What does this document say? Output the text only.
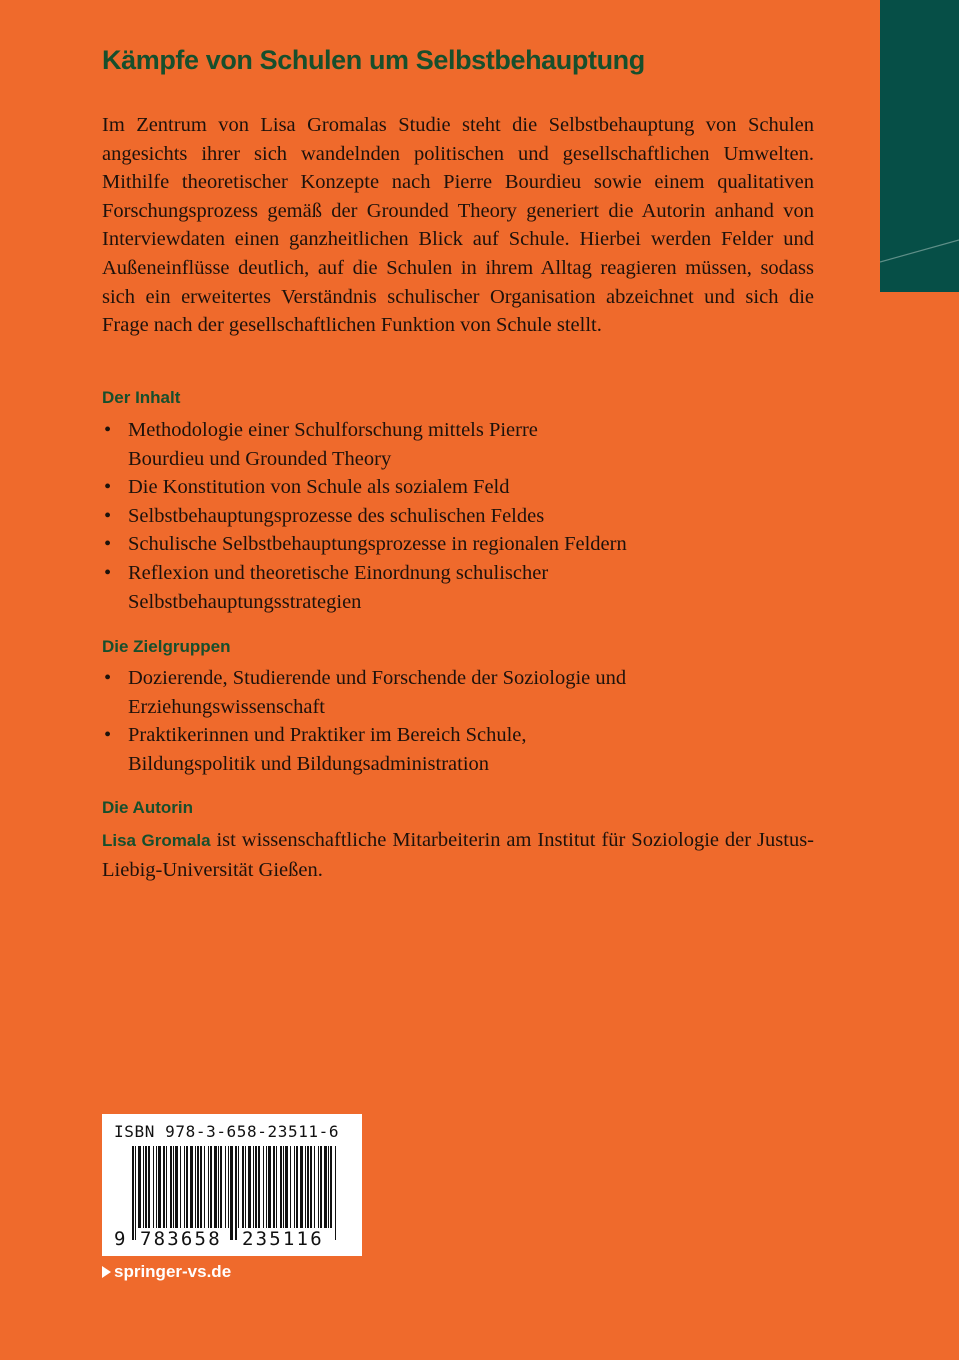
Kämpfe von Schulen um Selbstbehauptung

Im Zentrum von Lisa Gromalas Studie steht die Selbstbehauptung von Schulen angesichts ihrer sich wandelnden politischen und gesellschaftlichen Umwelten. Mithilfe theoretischer Konzepte nach Pierre Bourdieu sowie einem qualitativen Forschungsprozess gemäß der Grounded Theory generiert die Autorin anhand von Interviewdaten einen ganzheitlichen Blick auf Schule. Hierbei werden Felder und Außeneinflüsse deutlich, auf die Schulen in ihrem Alltag reagieren müssen, sodass sich ein erweitertes Verständnis schulischer Organisation abzeichnet und sich die Frage nach der gesellschaftlichen Funktion von Schule stellt.

Der Inhalt
• Methodologie einer Schulforschung mittels Pierre Bourdieu und Grounded Theory
• Die Konstitution von Schule als sozialem Feld
• Selbstbehauptungsprozesse des schulischen Feldes
• Schulische Selbstbehauptungsprozesse in regionalen Feldern
• Reflexion und theoretische Einordnung schulischer Selbstbehauptungsstrategien
Die Zielgruppen
• Dozierende, Studierende und Forschende der Soziologie und Erziehungswissenschaft
• Praktikerinnen und Praktiker im Bereich Schule, Bildungspolitik und Bildungsadministration
Die Autorin

Lisa Gromala ist wissenschaftliche Mitarbeiterin am Institut für Soziologie der Justus-Liebig-Universität Gießen.

ISBN 978-3-658-23511-6
9 783658 235116
springer-vs.de
